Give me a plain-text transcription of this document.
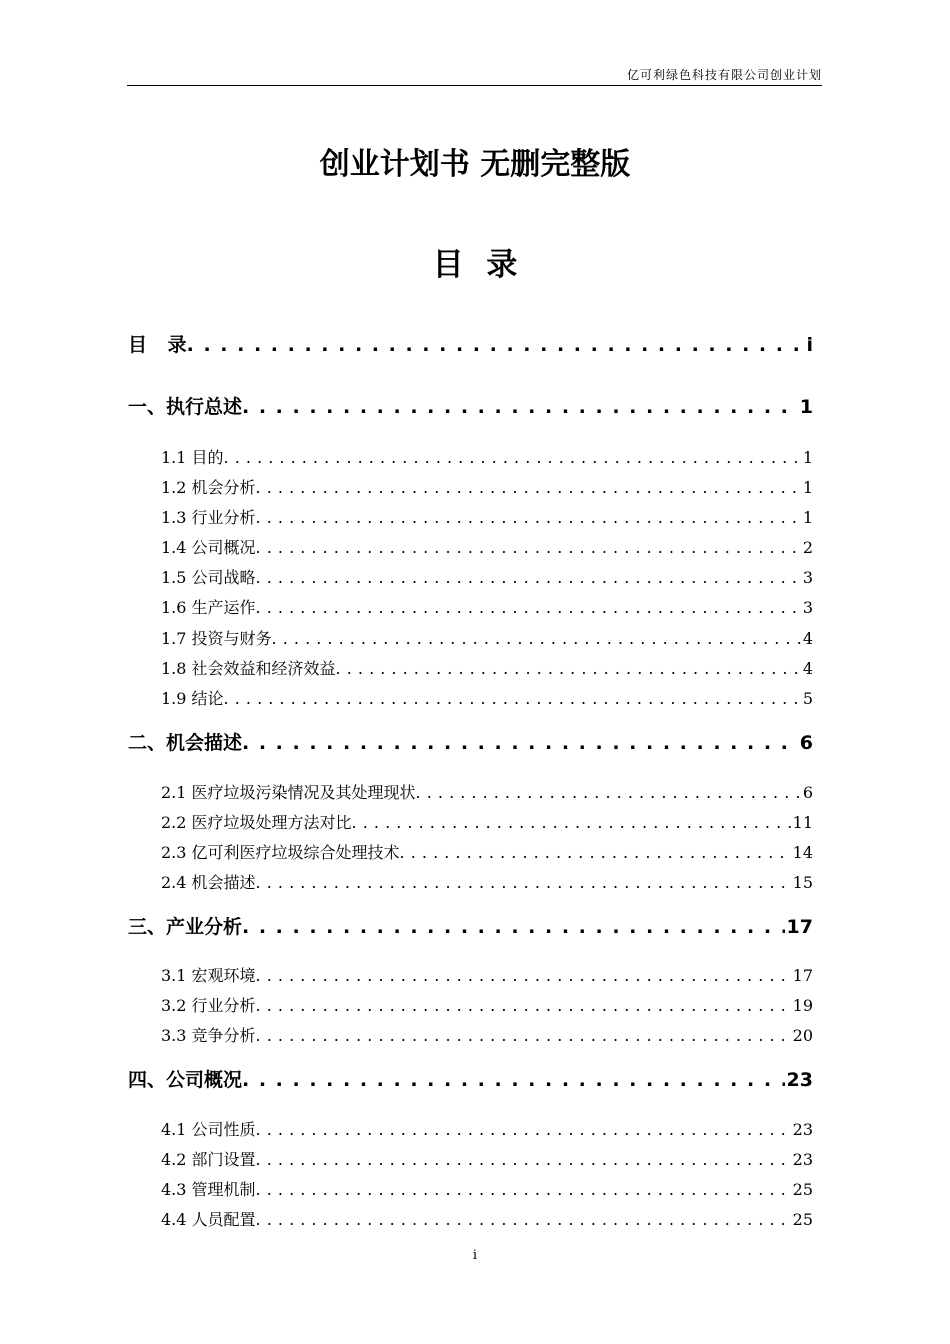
亿可利绿色科技有限公司创业计划
创业计划书 无删完整版
目 录
目 录 . . .	i
一、执行总述 . . .	1
1.1 目的 . . .	1
1.2 机会分析 . . .	1
1.3 行业分析 . . .	1
1.4 公司概况 . . .	2
1.5 公司战略 . . .	3
1.6 生产运作 . . .	3
1.7 投资与财务 . . .	4
1.8 社会效益和经济效益 . . .	4
1.9 结论 . . .	5
二、机会描述 . . .	6
2.1 医疗垃圾污染情况及其处理现状 . . .	6
2.2 医疗垃圾处理方法对比 . . .	11
2.3 亿可利医疗垃圾综合处理技术 . . .	14
2.4 机会描述 . . .	15
三、产业分析 . . .	17
3.1 宏观环境 . . .	17
3.2 行业分析 . . .	19
3.3 竞争分析 . . .	20
四、公司概况 . . .	23
4.1 公司性质 . . .	23
4.2 部门设置 . . .	23
4.3 管理机制 . . .	25
4.4 人员配置 . . .	25
i
